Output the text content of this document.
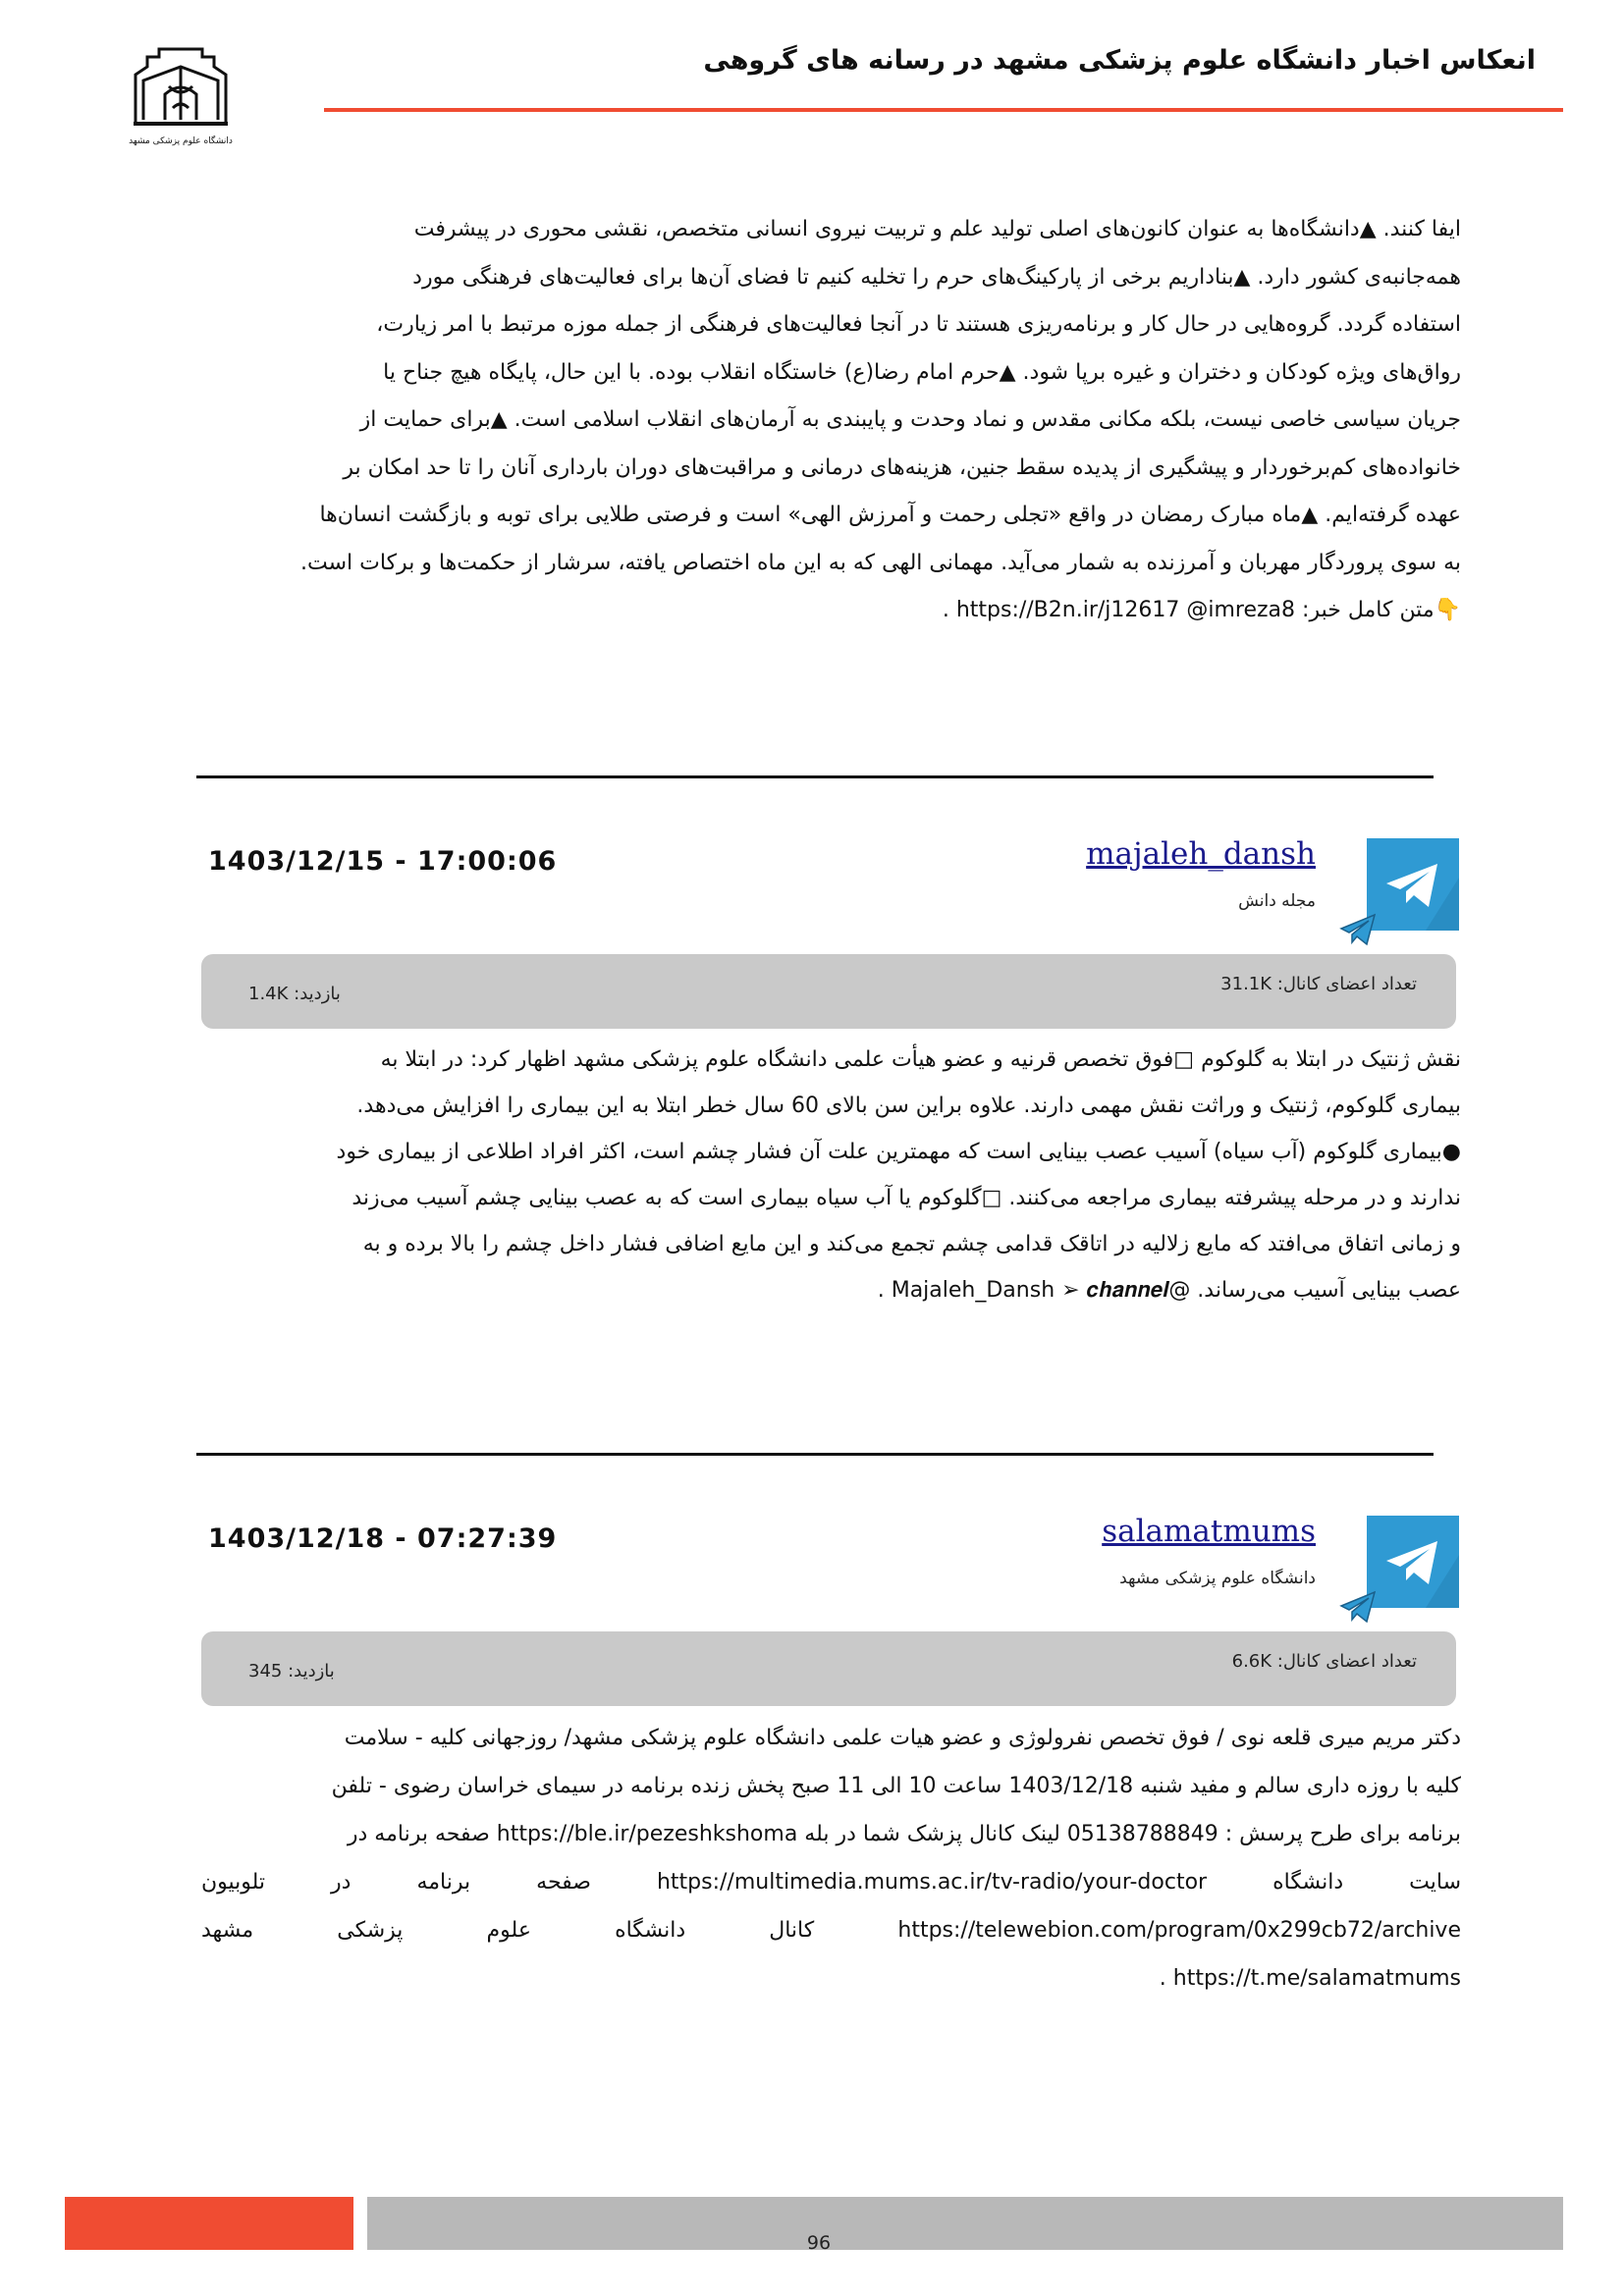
انعکاس اخبار دانشگاه علوم پزشکی مشهد در رسانه های گروهی
دانشگاه علوم پزشکی مشهد
ایفا کنند. ▲دانشگاه‌ها به عنوان کانون‌های اصلی تولید علم و تربیت نیروی انسانی متخصص، نقشی محوری در پیشرفت
همه‌جانبه‌ی کشور دارد. ▲بناداریم برخی از پارکینگ‌های حرم را تخلیه کنیم تا فضای آن‌ها برای فعالیت‌های فرهنگی مورد
استفاده گردد. گروه‌هایی در حال کار و برنامه‌ریزی هستند تا در آنجا فعالیت‌های فرهنگی از جمله موزه مرتبط با امر زیارت،
رواق‌های ویژه کودکان و دختران و غیره برپا شود. ▲حرم امام رضا(ع) خاستگاه انقلاب بوده. با این حال، پایگاه هیچ جناح یا
جریان سیاسی خاصی نیست، بلکه مکانی مقدس و نماد وحدت و پایبندی به آرمان‌های انقلاب اسلامی است. ▲برای حمایت از
خانواده‌های کم‌برخوردار و پیشگیری از پدیده سقط جنین، هزینه‌های درمانی و مراقبت‌های دوران بارداری آنان را تا حد امکان بر
عهده گرفته‌ایم. ▲ماه مبارک رمضان در واقع «تجلی رحمت و آمرزش الهی» است و فرصتی طلایی برای توبه و بازگشت انسان‌ها
به سوی پروردگار مهربان و آمرزنده به شمار می‌آید. مهمانی الهی که به این ماه اختصاص یافته، سرشار از حکمت‌ها و برکات است.
👇متن کامل خبر: https://B2n.ir/j12617 @imreza8 .
1403/12/15 - 17:00:06	majaleh_dansh
مجله دانش
تعداد اعضای کانال: 31.1K
بازدید: 1.4K
نقش ژنتیک در ابتلا به گلوکوم □فوق تخصص قرنیه و عضو هیأت علمی دانشگاه علوم پزشکی مشهد اظهار کرد: در ابتلا به
بیماری گلوکوم، ژنتیک و وراثت نقش مهمی دارند. علاوه براین سن بالای 60 سال خطر ابتلا به این بیماری را افزایش می‌دهد.
●بیماری گلوکوم (آب سیاه) آسیب عصب بینایی است که مهمترین علت آن فشار چشم است، اکثر افراد اطلاعی از بیماری خود
ندارند و در مرحله پیشرفته بیماری مراجعه می‌کنند. □گلوکوم یا آب سیاه بیماری است که به عصب بینایی چشم آسیب می‌زند
و زمانی اتفاق می‌افتد که مایع زلالیه در اتاقک قدامی چشم تجمع می‌کند و این مایع اضافی فشار داخل چشم را بالا برده و به
عصب بینایی آسیب می‌رساند. @Majaleh_Dansh ➢ 𝒄𝒉𝒂𝒏𝒏𝒆𝒍 .
1403/12/18 - 07:27:39	salamatmums
دانشگاه علوم پزشکی مشهد
تعداد اعضای کانال: 6.6K
بازدید: 345
دکتر مریم میری قلعه نوی / فوق تخصص نفرولوژی و عضو هیات علمی دانشگاه علوم پزشکی مشهد/ روزجهانی کلیه - سلامت
کلیه با روزه داری سالم و مفید شنبه 1403/12/18 ساعت 10 الی 11 صبح پخش زنده برنامه در سیمای خراسان رضوی - تلفن
برنامه برای طرح پرسش : 05138788849 لینک کانال پزشک شما در بله https://ble.ir/pezeshkshoma صفحه برنامه در
سایت دانشگاه https://multimedia.mums.ac.ir/tv-radio/your-doctor صفحه برنامه در تلوبیون
https://telewebion.com/program/0x299cb72/archive کانال دانشگاه علوم پزشکی مشهد
https://t.me/salamatmums .
96
